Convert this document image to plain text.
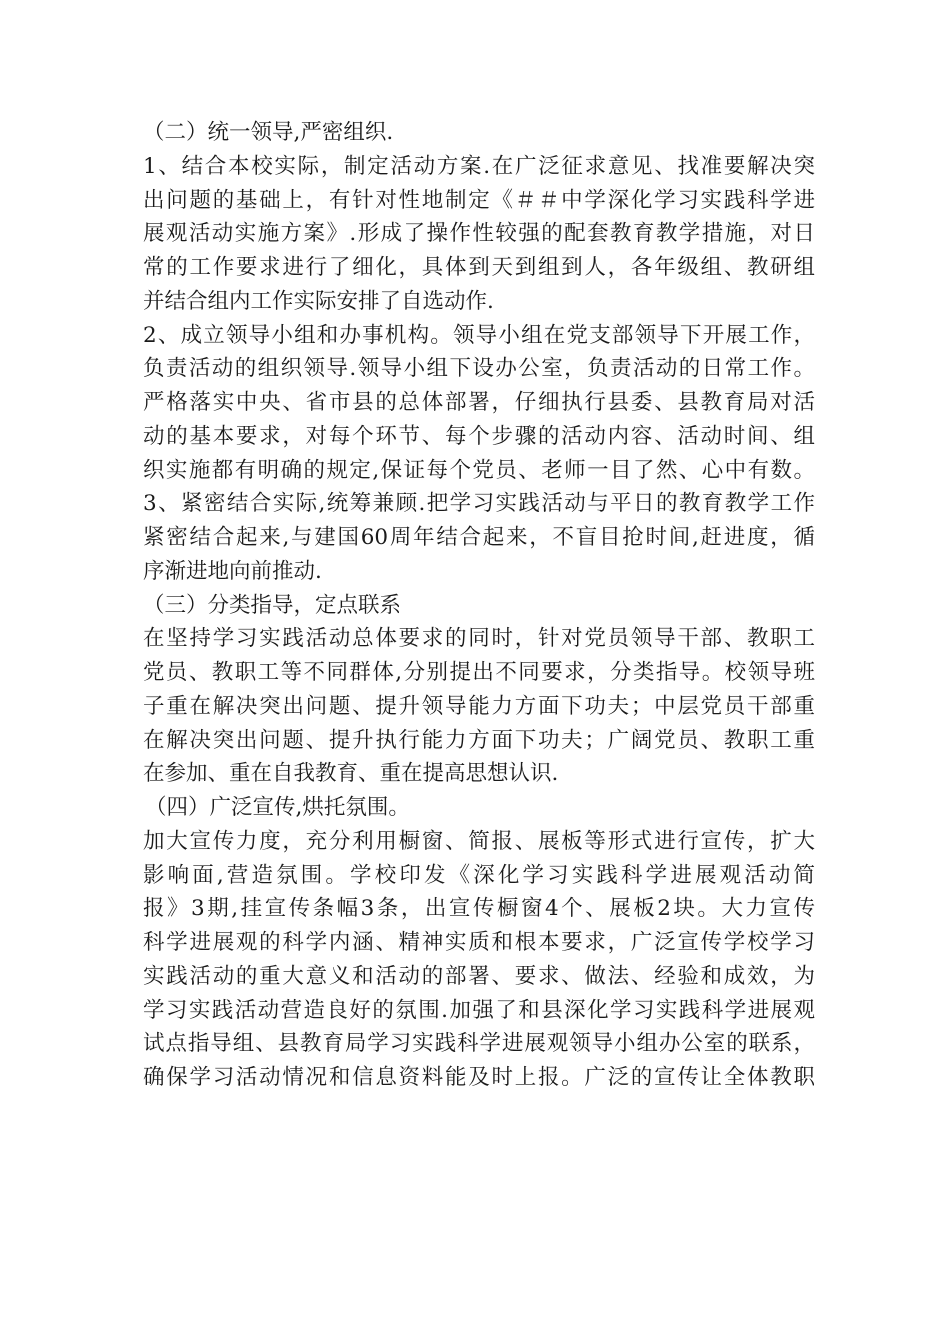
（二）统一领导,严密组织.
1、结合本校实际，制定活动方案.在广泛征求意见、找准要解决突
出问题的基础上，有针对性地制定《＃＃中学深化学习实践科学进
展观活动实施方案》.形成了操作性较强的配套教育教学措施，对日
常的工作要求进行了细化，具体到天到组到人，各年级组、教研组
并结合组内工作实际安排了自选动作.
2、成立领导小组和办事机构。领导小组在党支部领导下开展工作，
负责活动的组织领导.领导小组下设办公室，负责活动的日常工作。
严格落实中央、省市县的总体部署，仔细执行县委、县教育局对活
动的基本要求，对每个环节、每个步骤的活动内容、活动时间、组
织实施都有明确的规定,保证每个党员、老师一目了然、心中有数。
3、紧密结合实际,统筹兼顾.把学习实践活动与平日的教育教学工作
紧密结合起来,与建国60周年结合起来，不盲目抢时间,赶进度，循
序渐进地向前推动.
（三）分类指导，定点联系
在坚持学习实践活动总体要求的同时，针对党员领导干部、教职工
党员、教职工等不同群体,分别提出不同要求，分类指导。校领导班
子重在解决突出问题、提升领导能力方面下功夫；中层党员干部重
在解决突出问题、提升执行能力方面下功夫；广阔党员、教职工重
在参加、重在自我教育、重在提高思想认识.
（四）广泛宣传,烘托氛围。
加大宣传力度，充分利用橱窗、简报、展板等形式进行宣传，扩大
影响面,营造氛围。学校印发《深化学习实践科学进展观活动简
报》3期,挂宣传条幅3条，出宣传橱窗4个、展板2块。大力宣传
科学进展观的科学内涵、精神实质和根本要求，广泛宣传学校学习
实践活动的重大意义和活动的部署、要求、做法、经验和成效，为
学习实践活动营造良好的氛围.加强了和县深化学习实践科学进展观
试点指导组、县教育局学习实践科学进展观领导小组办公室的联系，
确保学习活动情况和信息资料能及时上报。广泛的宣传让全体教职
